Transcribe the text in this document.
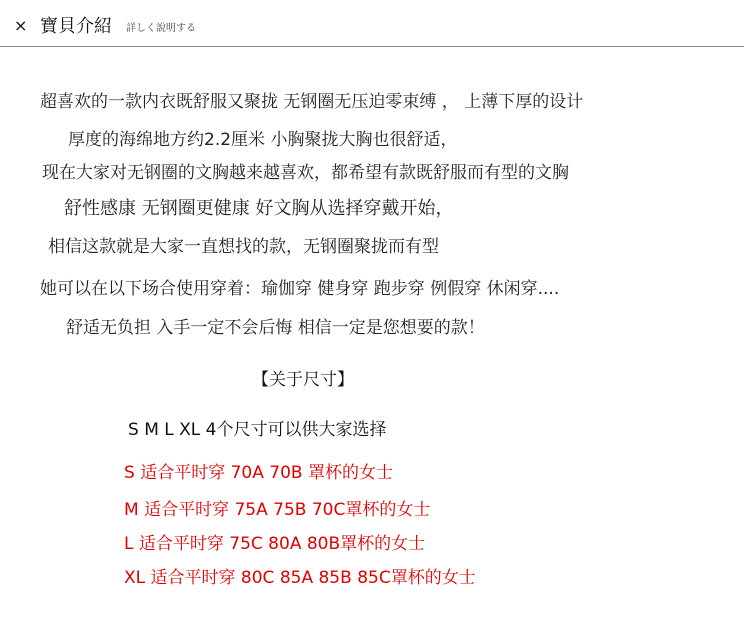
× 寶貝介紹 詳しく說明する
超喜欢的一款内衣既舒服又聚拢 无钢圈无压迫零束缚 ， 上薄下厚的设计
厚度的海绵地方约2.2厘米 小胸聚拢大胸也很舒适，
现在大家对无钢圈的文胸越来越喜欢，都希望有款既舒服而有型的文胸
舒性感康 无钢圈更健康 好文胸从选择穿戴开始，
相信这款就是大家一直想找的款，无钢圈聚拢而有型
她可以在以下场合使用穿着：瑜伽穿 健身穿 跑步穿 例假穿 休闲穿....
舒适无负担 入手一定不会后悔 相信一定是您想要的款！
【关于尺寸】
S M L XL 4个尺寸可以供大家选择
S 适合平时穿 70A 70B 罩杯的女士
M 适合平时穿 75A 75B 70C罩杯的女士
L 适合平时穿 75C 80A 80B罩杯的女士
XL 适合平时穿 80C 85A 85B 85C罩杯的女士
